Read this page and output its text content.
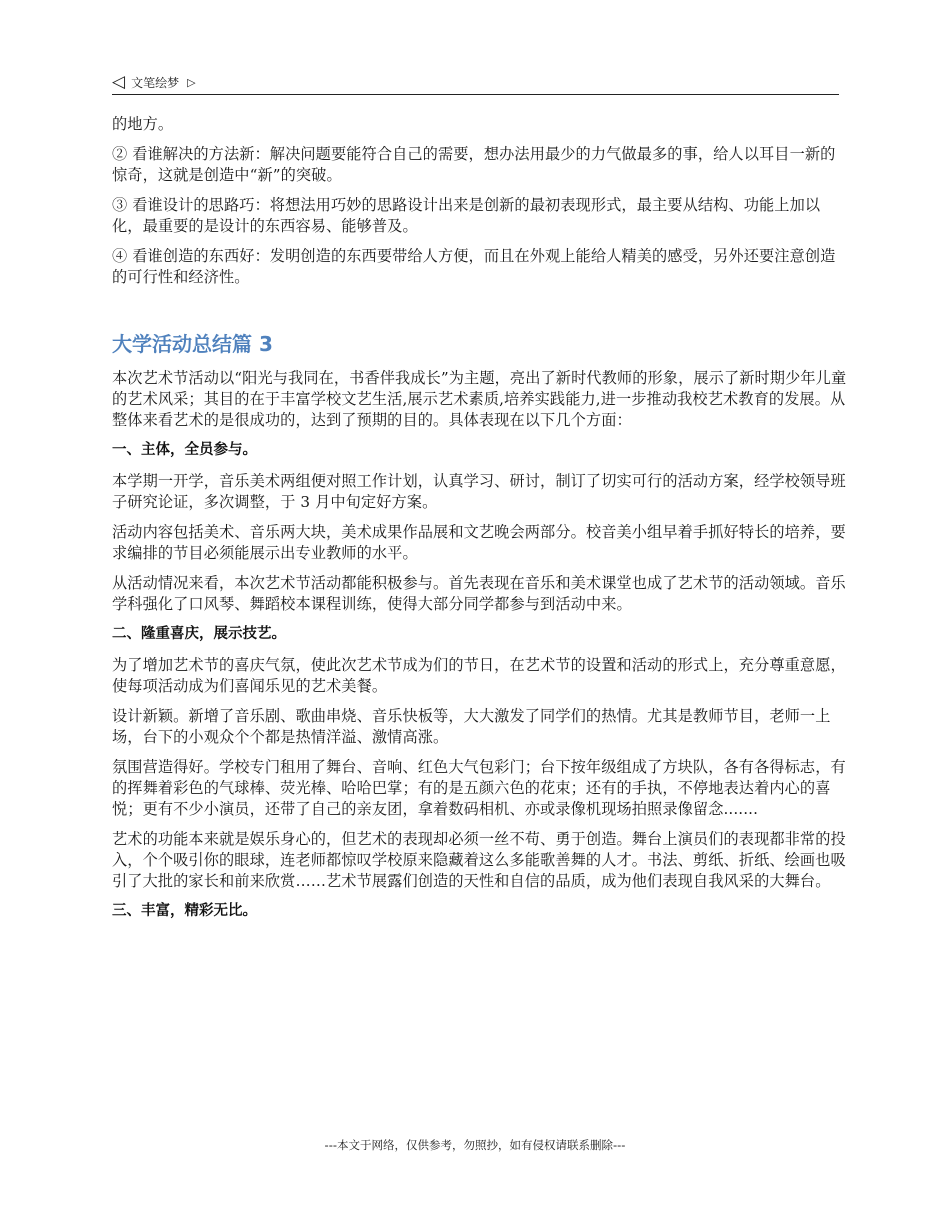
◁ 文笔绘梦 ▷

的地方。

② 看谁解决的方法新：解决问题要能符合自己的需要，想办法用最少的力气做最多的事，给人以耳目一新的惊奇，这就是创造中“新”的突破。

③ 看谁设计的思路巧：将想法用巧妙的思路设计出来是创新的最初表现形式，最主要从结构、功能上加以化，最重要的是设计的东西容易、能够普及。

④ 看谁创造的东西好：发明创造的东西要带给人方便，而且在外观上能给人精美的感受，另外还要注意创造的可行性和经济性。

大学活动总结篇 3

本次艺术节活动以“阳光与我同在，书香伴我成长”为主题，亮出了新时代教师的形象，展示了新时期少年儿童的艺术风采；其目的在于丰富学校文艺生活,展示艺术素质,培养实践能力,进一步推动我校艺术教育的发展。从整体来看艺术的是很成功的，达到了预期的目的。具体表现在以下几个方面：

一、主体，全员参与。

本学期一开学，音乐美术两组便对照工作计划，认真学习、研讨，制订了切实可行的活动方案，经学校领导班子研究论证，多次调整，于 3 月中旬定好方案。

活动内容包括美术、音乐两大块，美术成果作品展和文艺晚会两部分。校音美小组早着手抓好特长的培养，要求编排的节目必须能展示出专业教师的水平。

从活动情况来看，本次艺术节活动都能积极参与。首先表现在音乐和美术课堂也成了艺术节的活动领域。音乐学科强化了口风琴、舞蹈校本课程训练，使得大部分同学都参与到活动中来。

二、隆重喜庆，展示技艺。

为了增加艺术节的喜庆气氛，使此次艺术节成为们的节日，在艺术节的设置和活动的形式上，充分尊重意愿，使每项活动成为们喜闻乐见的艺术美餐。

设计新颖。新增了音乐剧、歌曲串烧、音乐快板等，大大激发了同学们的热情。尤其是教师节目，老师一上场，台下的小观众个个都是热情洋溢、激情高涨。

氛围营造得好。学校专门租用了舞台、音响、红色大气包彩门；台下按年级组成了方块队，各有各得标志，有的挥舞着彩色的气球棒、荧光棒、哈哈巴掌；有的是五颜六色的花束；还有的手执，不停地表达着内心的喜悦；更有不少小演员，还带了自己的亲友团，拿着数码相机、亦或录像机现场拍照录像留念.......

艺术的功能本来就是娱乐身心的，但艺术的表现却必须一丝不苟、勇于创造。舞台上演员们的表现都非常的投入，个个吸引你的眼球，连老师都惊叹学校原来隐藏着这么多能歌善舞的人才。书法、剪纸、折纸、绘画也吸引了大批的家长和前来欣赏……艺术节展露们创造的天性和自信的品质，成为他们表现自我风采的大舞台。

三、丰富，精彩无比。
---本文于网络，仅供参考，勿照抄，如有侵权请联系删除---
